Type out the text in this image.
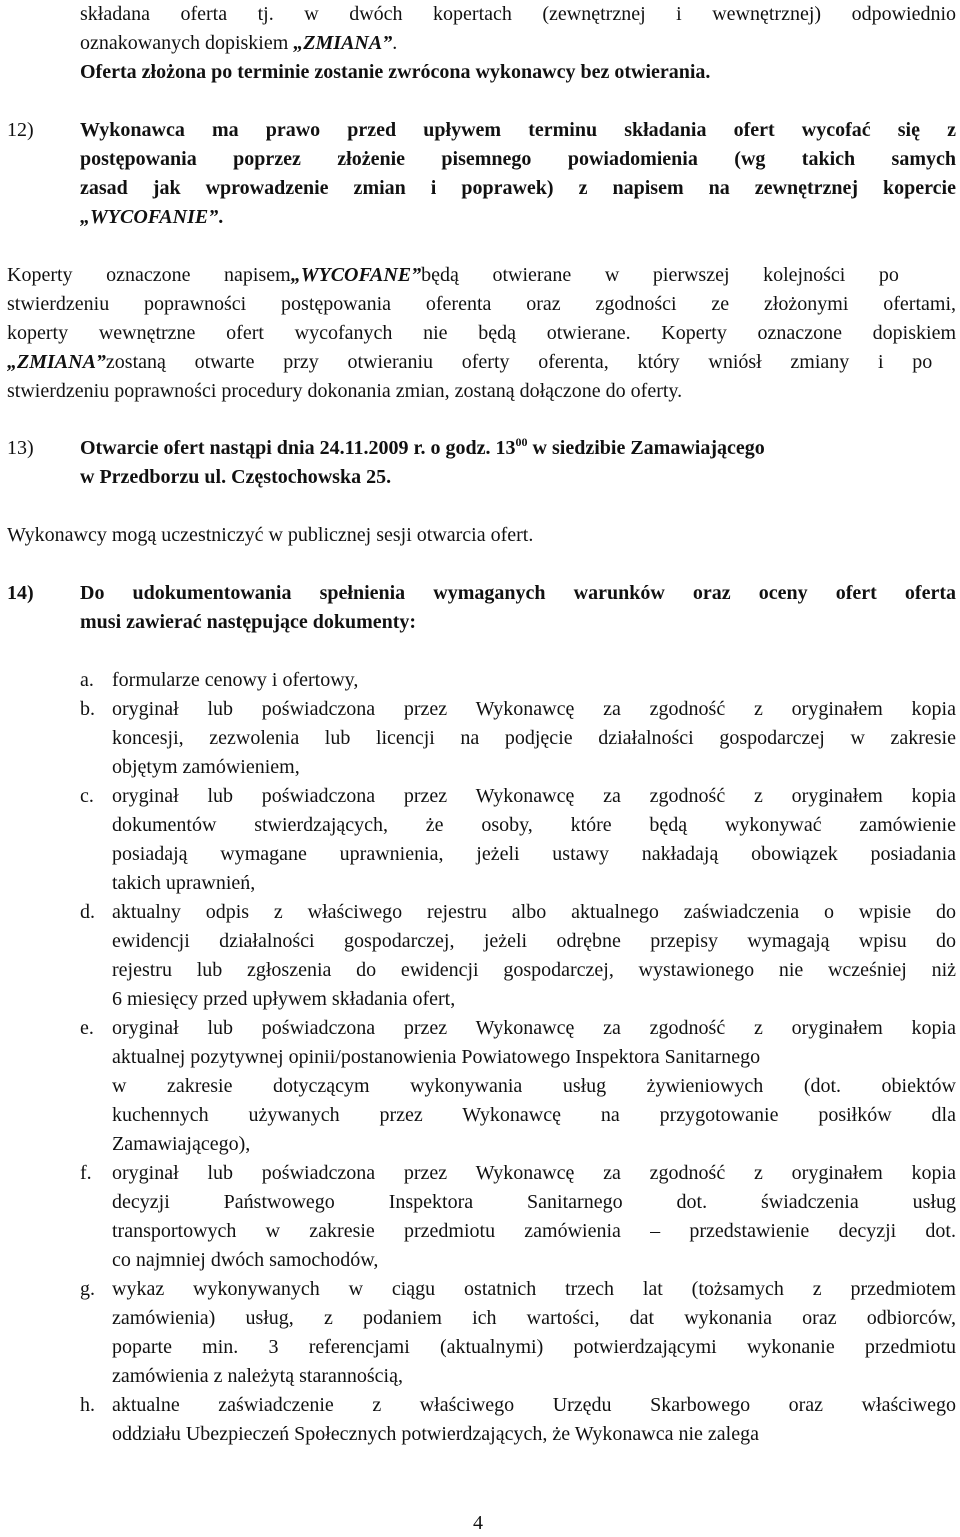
składana oferta tj. w dwóch kopertach (zewnętrznej i wewnętrznej) odpowiednio
oznakowanych dopiskiem „ZMIANA”.
Oferta złożona po terminie zostanie zwrócona wykonawcy bez otwierania.
12) Wykonawca ma prawo przed upływem terminu składania ofert wycofać się z
postępowania poprzez złożenie pisemnego powiadomienia (wg takich samych
zasad jak wprowadzenie zmian i poprawek) z napisem na zewnętrznej kopercie
„WYCOFANIE”.
Koperty oznaczone napisem„WYCOFANE”będą otwierane w pierwszej kolejności po
stwierdzeniu poprawności postępowania oferenta oraz zgodności ze złożonymi ofertami,
koperty wewnętrzne ofert wycofanych nie będą otwierane. Koperty oznaczone dopiskiem
„ZMIANA”zostaną otwarte przy otwieraniu oferty oferenta, który wniósł zmiany i po
stwierdzeniu poprawności procedury dokonania zmian, zostaną dołączone do oferty.
13) Otwarcie ofert nastąpi dnia 24.11.2009 r. o godz. $13^{00}$ w siedzibie Zamawiającego
w Przedborzu ul. Częstochowska 25.
Wykonawcy mogą uczestniczyć w publicznej sesji otwarcia ofert.
14) Do udokumentowania spełnienia wymaganych warunków oraz oceny ofert oferta
musi zawierać następujące dokumenty:
a. formularze cenowy i ofertowy,
b. oryginał lub poświadczona przez Wykonawcę za zgodność z oryginałem kopia
koncesji, zezwolenia lub licencji na podjęcie działalności gospodarczej w zakresie
objętym zamówieniem,
c. oryginał lub poświadczona przez Wykonawcę za zgodność z oryginałem kopia
dokumentów stwierdzających, że osoby, które będą wykonywać zamówienie
posiadają wymagane uprawnienia, jeżeli ustawy nakładają obowiązek posiadania
takich uprawnień,
d. aktualny odpis z właściwego rejestru albo aktualnego zaświadczenia o wpisie do
ewidencji działalności gospodarczej, jeżeli odrębne przepisy wymagają wpisu do
rejestru lub zgłoszenia do ewidencji gospodarczej, wystawionego nie wcześniej niż
6 miesięcy przed upływem składania ofert,
e. oryginał lub poświadczona przez Wykonawcę za zgodność z oryginałem kopia
aktualnej pozytywnej opinii/postanowienia Powiatowego Inspektora Sanitarnego
w zakresie dotyczącym wykonywania usług żywieniowych (dot. obiektów
kuchennych używanych przez Wykonawcę na przygotowanie posiłków dla
Zamawiającego),
f. oryginał lub poświadczona przez Wykonawcę za zgodność z oryginałem kopia
decyzji Państwowego Inspektora Sanitarnego dot. świadczenia usług
transportowych w zakresie przedmiotu zamówienia – przedstawienie decyzji dot.
co najmniej dwóch samochodów,
g. wykaz wykonywanych w ciągu ostatnich trzech lat (tożsamych z przedmiotem
zamówienia) usług, z podaniem ich wartości, dat wykonania oraz odbiorców,
poparte min. 3 referencjami (aktualnymi) potwierdzającymi wykonanie przedmiotu
zamówienia z należytą starannością,
h. aktualne zaświadczenie z właściwego Urzędu Skarbowego oraz właściwego
oddziału Ubezpieczeń Społecznych potwierdzających, że Wykonawca nie zalega
4
